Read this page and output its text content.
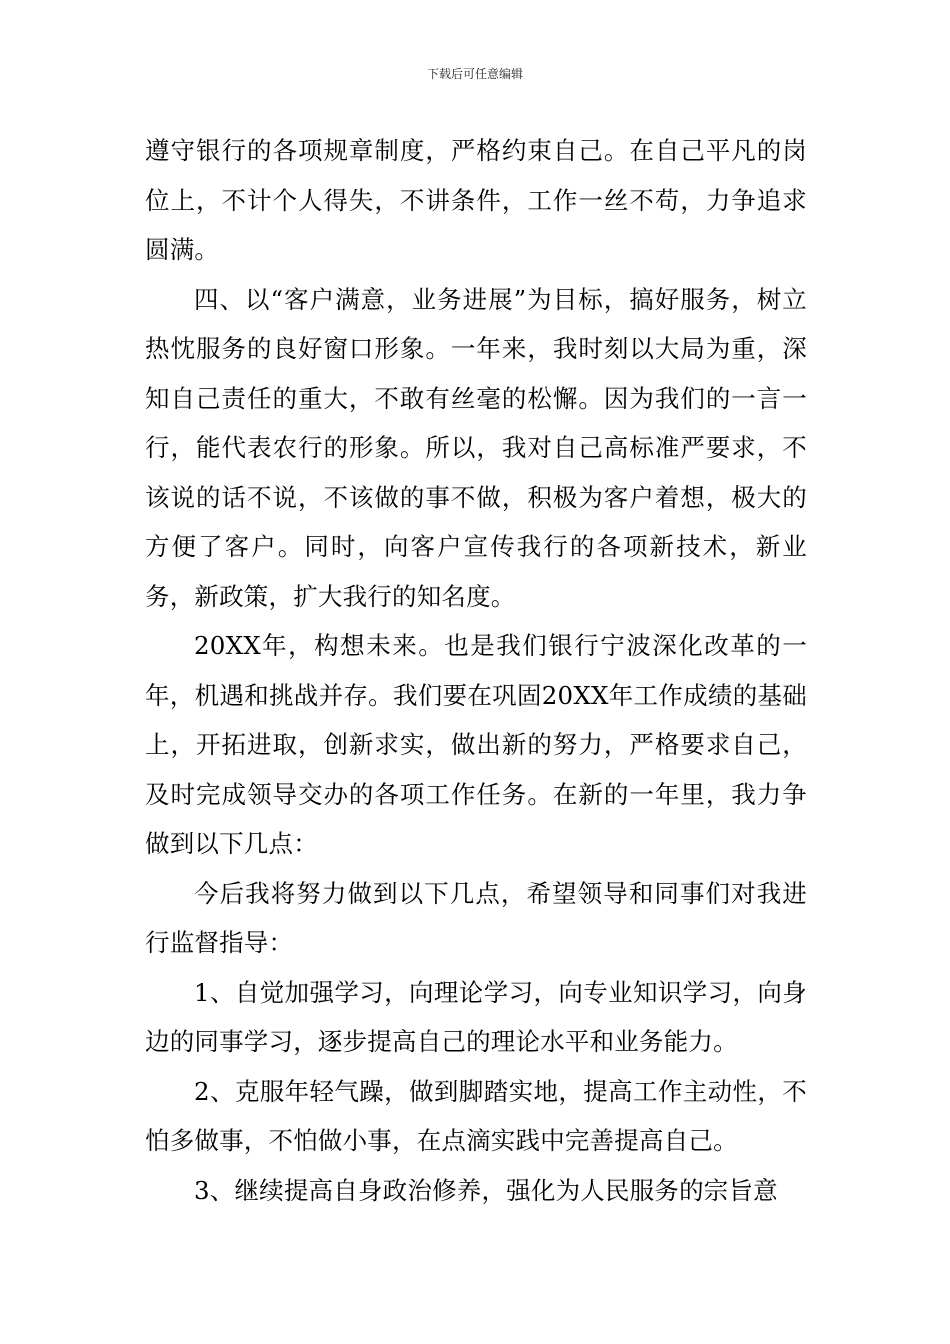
下载后可任意编辑

遵守银行的各项规章制度，严格约束自己。在自己平凡的岗位上，不计个人得失，不讲条件，工作一丝不苟，力争追求圆满。

四、以“客户满意，业务进展”为目标，搞好服务，树立热忱服务的良好窗口形象。一年来，我时刻以大局为重，深知自己责任的重大，不敢有丝毫的松懈。因为我们的一言一行，能代表农行的形象。所以，我对自己高标准严要求，不该说的话不说，不该做的事不做，积极为客户着想，极大的方便了客户。同时，向客户宣传我行的各项新技术，新业务，新政策，扩大我行的知名度。

20XX年，构想未来。也是我们银行宁波深化改革的一年，机遇和挑战并存。我们要在巩固20XX年工作成绩的基础上，开拓进取，创新求实，做出新的努力，严格要求自己，及时完成领导交办的各项工作任务。在新的一年里，我力争做到以下几点：

今后我将努力做到以下几点，希望领导和同事们对我进行监督指导：

1、自觉加强学习，向理论学习，向专业知识学习，向身边的同事学习，逐步提高自己的理论水平和业务能力。

2、克服年轻气躁，做到脚踏实地，提高工作主动性，不怕多做事，不怕做小事，在点滴实践中完善提高自己。

3、继续提高自身政治修养，强化为人民服务的宗旨意
